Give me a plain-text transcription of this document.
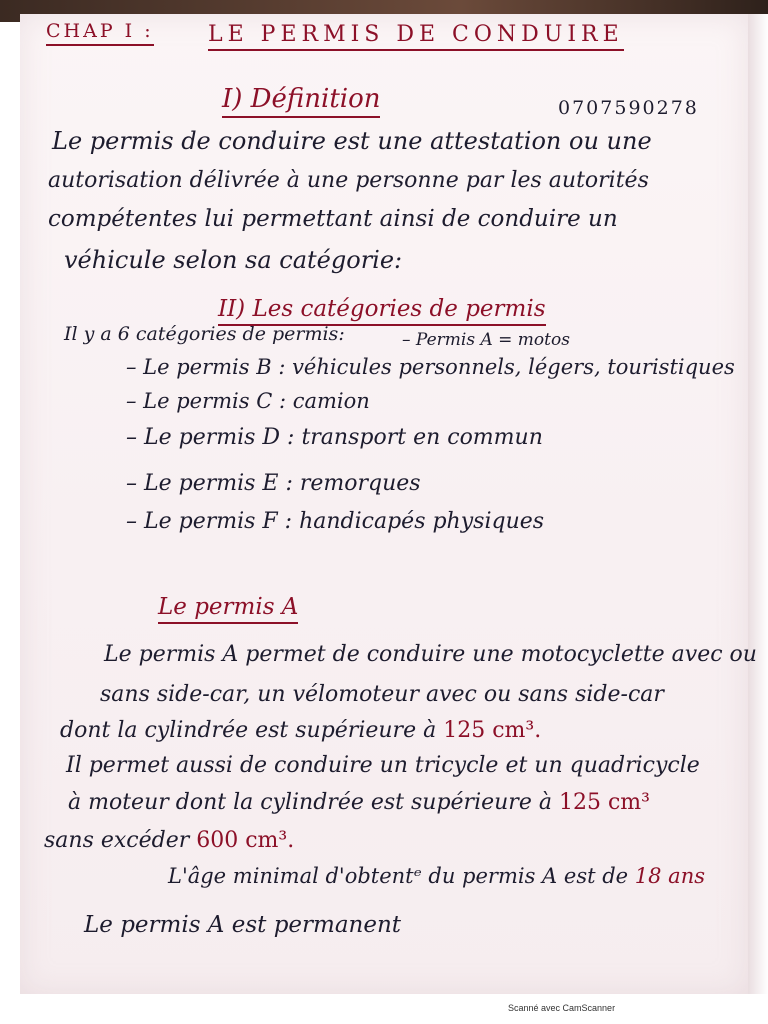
CHAP I : LE PERMIS DE CONDUIRE
I) Définition	0707590278
Le permis de conduire est une attestation ou une
autorisation délivrée à une personne par les autorités
compétentes lui permettant ainsi de conduire un
véhicule selon sa catégorie:
II) Les catégories de permis
Il y a 6 catégories de permis:	– Permis A = motos
– Le permis B : véhicules personnels, légers, touristiques
– Le permis C : camion
– Le permis D : transport en commun
– Le permis E : remorques
– Le permis F : handicapés physiques
Le permis A
Le permis A permet de conduire une motocyclette avec ou
sans side-car, un vélomoteur avec ou sans side-car
dont la cylindrée est supérieure à 125 cm³.
Il permet aussi de conduire un tricycle et un quadricycle
à moteur dont la cylindrée est supérieure à 125 cm³
sans excéder 600 cm³.
L'âge minimal d'obtentᵉ du permis A est de 18 ans
Le permis A est permanent
Scanné avec CamScanner
